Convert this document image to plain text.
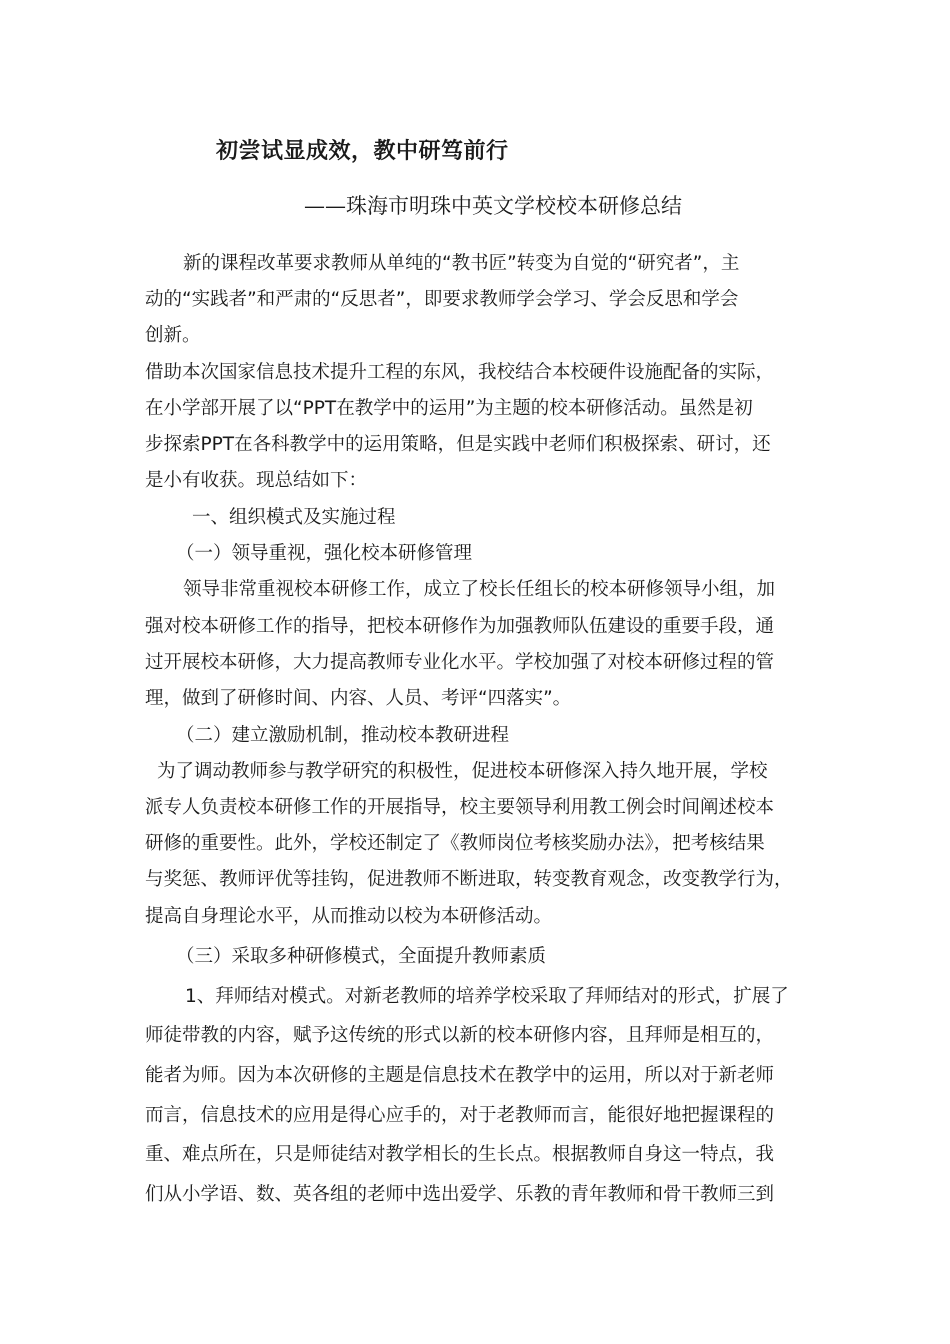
初尝试显成效，教中研笃前行
——珠海市明珠中英文学校校本研修总结
新的课程改革要求教师从单纯的“教书匠”转变为自觉的“研究者”，主
动的“实践者”和严肃的“反思者”，即要求教师学会学习、学会反思和学会
创新。
借助本次国家信息技术提升工程的东风，我校结合本校硬件设施配备的实际，
在小学部开展了以“PPT在教学中的运用”为主题的校本研修活动。虽然是初
步探索PPT在各科教学中的运用策略，但是实践中老师们积极探索、研讨，还
是小有收获。现总结如下：
一、组织模式及实施过程
（一）领导重视，强化校本研修管理
领导非常重视校本研修工作，成立了校长任组长的校本研修领导小组，加
强对校本研修工作的指导，把校本研修作为加强教师队伍建设的重要手段，通
过开展校本研修，大力提高教师专业化水平。学校加强了对校本研修过程的管
理，做到了研修时间、内容、人员、考评“四落实”。
（二）建立激励机制，推动校本教研进程
为了调动教师参与教学研究的积极性，促进校本研修深入持久地开展，学校
派专人负责校本研修工作的开展指导，校主要领导利用教工例会时间阐述校本
研修的重要性。此外，学校还制定了《教师岗位考核奖励办法》，把考核结果
与奖惩、教师评优等挂钩，促进教师不断进取，转变教育观念，改变教学行为，
提高自身理论水平，从而推动以校为本研修活动。
（三）采取多种研修模式，全面提升教师素质
1、拜师结对模式。对新老教师的培养学校采取了拜师结对的形式，扩展了
师徒带教的内容，赋予这传统的形式以新的校本研修内容，且拜师是相互的，
能者为师。因为本次研修的主题是信息技术在教学中的运用，所以对于新老师
而言，信息技术的应用是得心应手的，对于老教师而言，能很好地把握课程的
重、难点所在，只是师徒结对教学相长的生长点。根据教师自身这一特点，我
们从小学语、数、英各组的老师中选出爱学、乐教的青年教师和骨干教师三到
